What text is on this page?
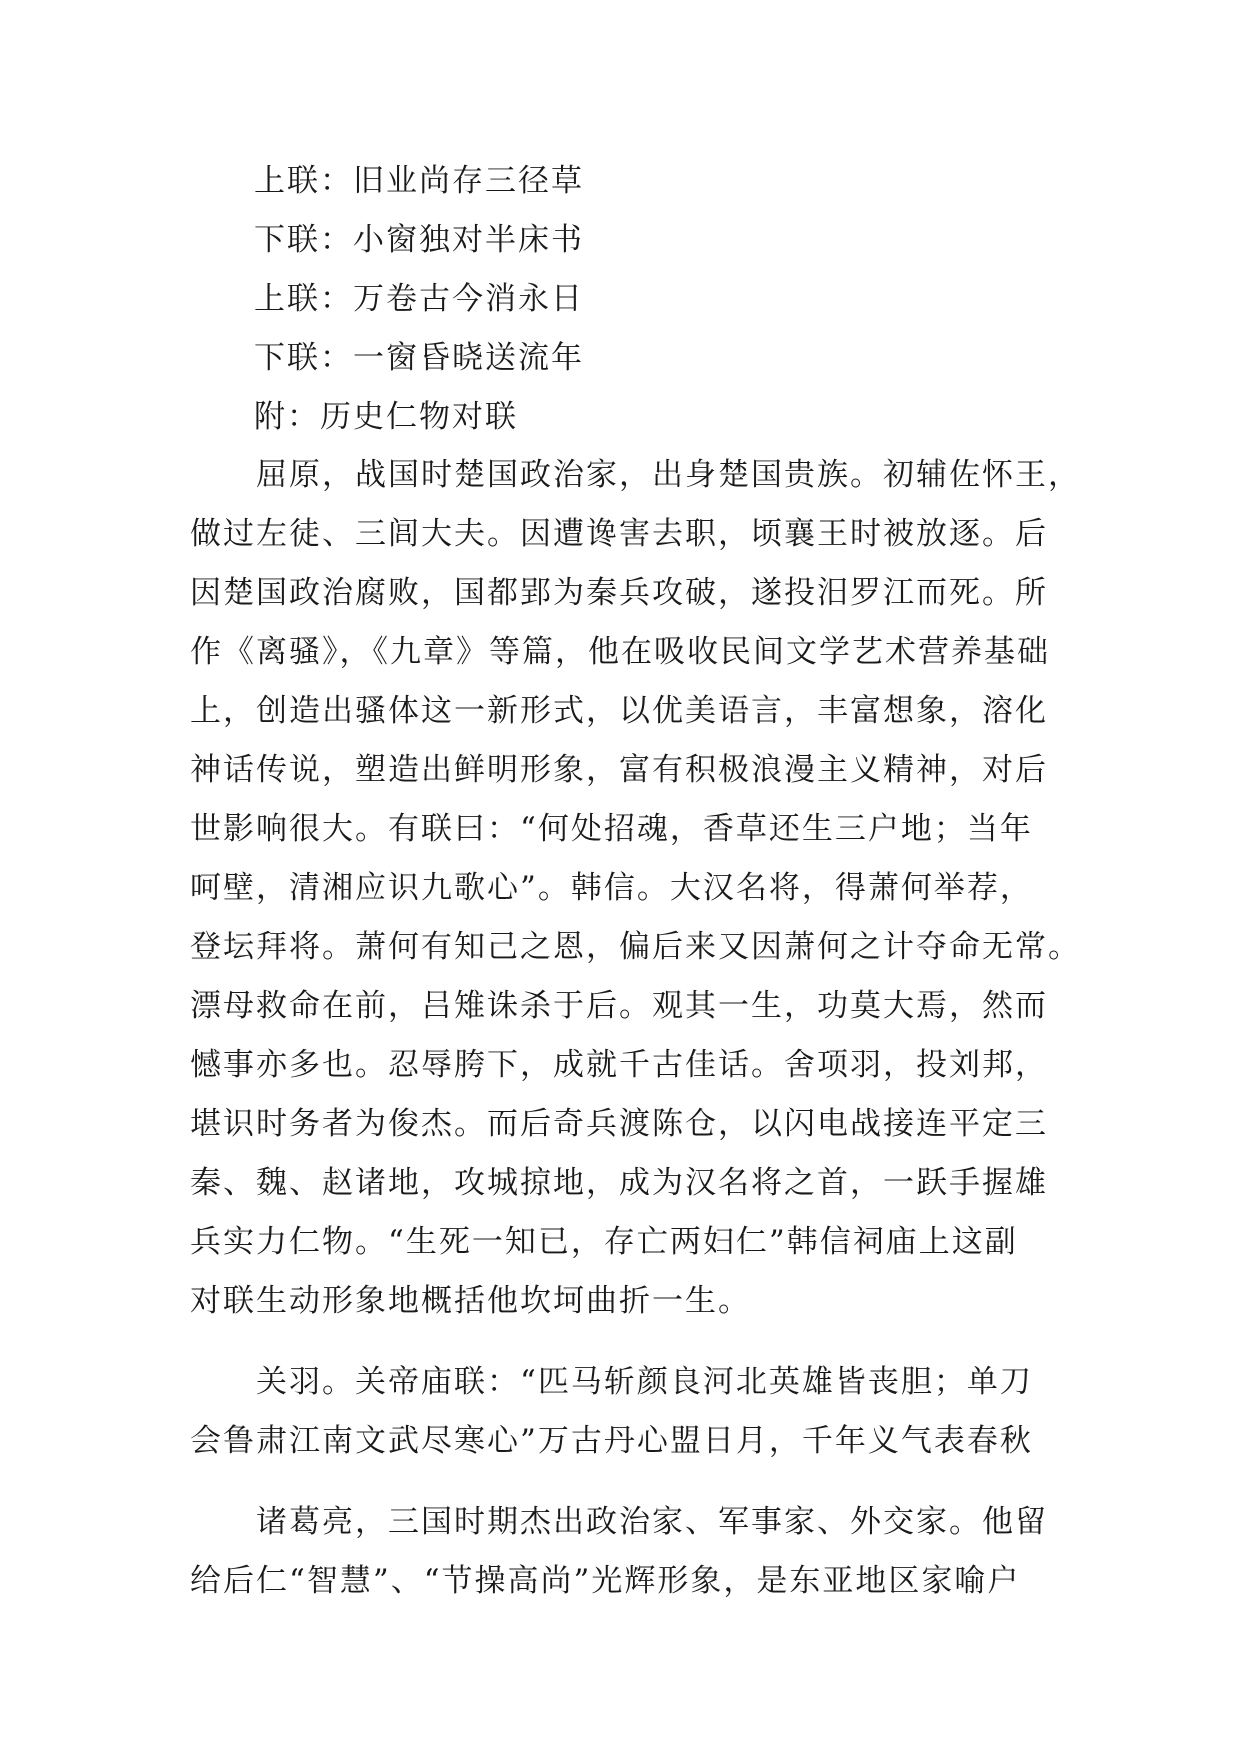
上联：旧业尚存三径草
下联：小窗独对半床书
上联：万卷古今消永日
下联：一窗昏晓送流年
附：历史仁物对联
　　屈原，战国时楚国政治家，出身楚国贵族。初辅佐怀王，
做过左徒、三闾大夫。因遭谗害去职，顷襄王时被放逐。后
因楚国政治腐败，国都郢为秦兵攻破，遂投汨罗江而死。所
作《离骚》，《九章》等篇，他在吸收民间文学艺术营养基础
上，创造出骚体这一新形式，以优美语言，丰富想象，溶化
神话传说，塑造出鲜明形象，富有积极浪漫主义精神，对后
世影响很大。有联曰：“何处招魂，香草还生三户地；当年
呵壁，清湘应识九歌心”。韩信。大汉名将，得萧何举荐，
登坛拜将。萧何有知己之恩，偏后来又因萧何之计夺命无常。
漂母救命在前，吕雉诛杀于后。观其一生，功莫大焉，然而
憾事亦多也。忍辱胯下，成就千古佳话。舍项羽，投刘邦，
堪识时务者为俊杰。而后奇兵渡陈仓，以闪电战接连平定三
秦、魏、赵诸地，攻城掠地，成为汉名将之首，一跃手握雄
兵实力仁物。“生死一知已，存亡两妇仁”韩信祠庙上这副
对联生动形象地概括他坎坷曲折一生。
　　关羽。关帝庙联：“匹马斩颜良河北英雄皆丧胆；单刀
会鲁肃江南文武尽寒心”万古丹心盟日月，千年义气表春秋
　　诸葛亮，三国时期杰出政治家、军事家、外交家。他留
给后仁“智慧”、“节操高尚”光辉形象，是东亚地区家喻户
